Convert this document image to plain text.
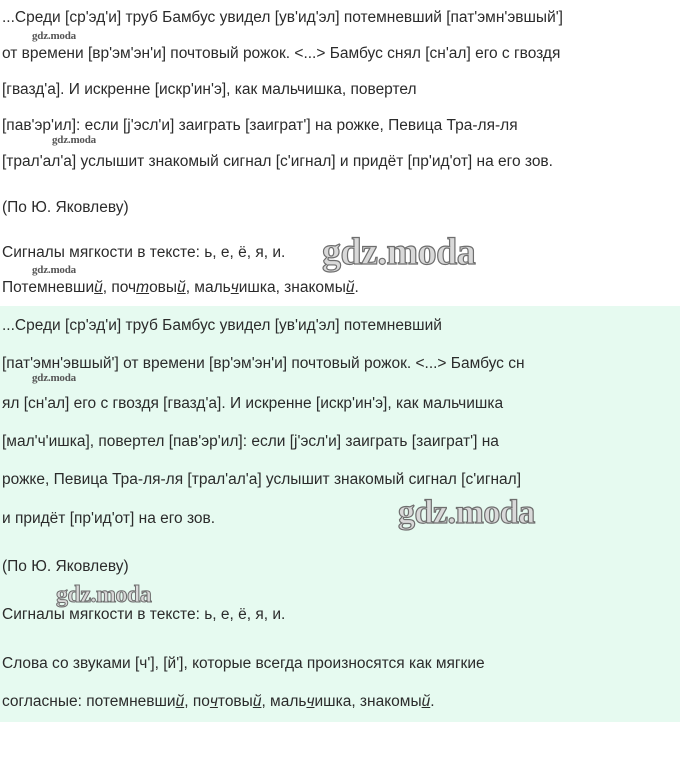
...Среди [ср'эд'и] труб Бамбус увидел [ув'ид'эл] потемневший [пат'эмн'эвшый']
от времени [вр'эм'эн'и] почтовый рожок. <...> Бамбус снял [сн'ал] его с гвоздя
[гвазд'а]. И искренне [искр'ин'э], как мальчишка, повертел
[пав'эр'ил]: если [j'эсл'и] заиграть [заиграт'] на рожке, Певица Тра-ля-ля
[трал'ал'а] услышит знакомый сигнал [с'игнал] и придёт [пр'ид'от] на его зов.
(По Ю. Яковлеву)
Сигналы мягкости в тексте: ь, е, ё, я, и.
Потемневший, почтовый, мальчишка, знакомый.
...Среди [ср'эд'и] труб Бамбус увидел [ув'ид'эл] потемневший
[пат'эмн'эвшый'] от времени [вр'эм'эн'и] почтовый рожок. <...> Бамбус сн
ял [сн'ал] его с гвоздя [гвазд'а]. И искренне [искр'ин'э], как мальчишка
[мал'ч'ишка], повертел [пав'эр'ил]: если [j'эсл'и] заиграть [заиграт'] на
рожке, Певица Тра-ля-ля [трал'ал'а] услышит знакомый сигнал [с'игнал]
и придёт [пр'ид'от] на его зов.
(По Ю. Яковлеву)
Сигналы мягкости в тексте: ь, е, ё, я, и.
Слова со звуками [ч'], [й'], которые всегда произносятся как мягкие
согласные: потемневший, почтовый, мальчишка, знакомый.
gdz.moda
gdz.moda
gdz.moda
gdz.moda
gdz.moda
gdz.moda
gdz.moda
